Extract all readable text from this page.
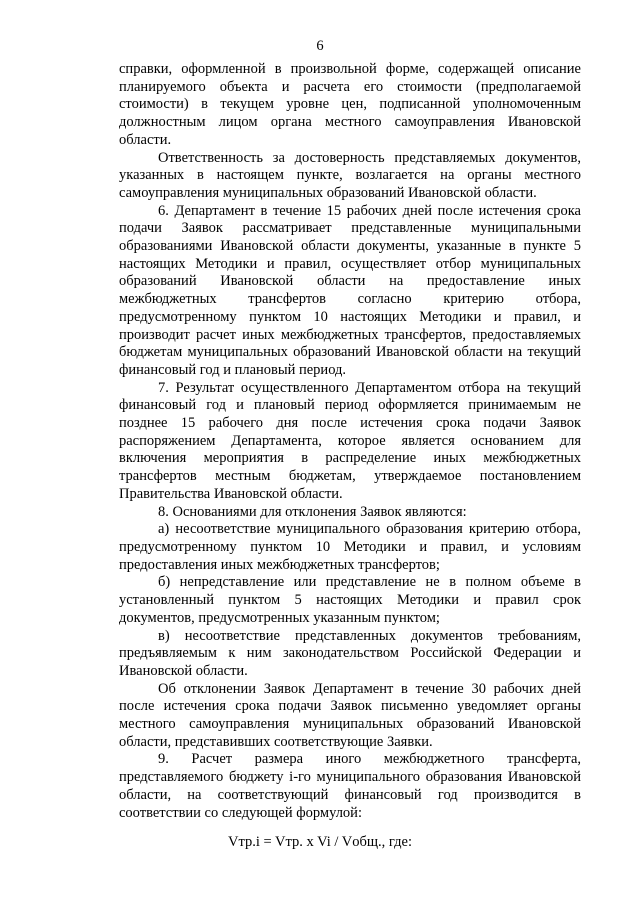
6

справки, оформленной в произвольной форме, содержащей описание планируемого объекта и расчета его стоимости (предполагаемой стоимости) в текущем уровне цен, подписанной уполномоченным должностным лицом органа местного самоуправления Ивановской области.

Ответственность за достоверность представляемых документов, указанных в настоящем пункте, возлагается на органы местного самоуправления муниципальных образований Ивановской области.

6. Департамент в течение 15 рабочих дней после истечения срока подачи Заявок рассматривает представленные муниципальными образованиями Ивановской области документы, указанные в пункте 5 настоящих Методики и правил, осуществляет отбор муниципальных образований Ивановской области на предоставление иных межбюджетных трансфертов согласно критерию отбора, предусмотренному пунктом 10 настоящих Методики и правил, и производит расчет иных межбюджетных трансфертов, предоставляемых бюджетам муниципальных образований Ивановской области на текущий финансовый год и плановый период.

7. Результат осуществленного Департаментом отбора на текущий финансовый год и плановый период оформляется принимаемым не позднее 15 рабочего дня после истечения срока подачи Заявок распоряжением Департамента, которое является основанием для включения мероприятия в распределение иных межбюджетных трансфертов местным бюджетам, утверждаемое постановлением Правительства Ивановской области.

8. Основаниями для отклонения Заявок являются:

а) несоответствие муниципального образования критерию отбора, предусмотренному пунктом 10 Методики и правил, и условиям предоставления иных межбюджетных трансфертов;

б) непредставление или представление не в полном объеме в установленный пунктом 5 настоящих Методики и правил срок документов, предусмотренных указанным пунктом;

в) несоответствие представленных документов требованиям, предъявляемым к ним законодательством Российской Федерации и Ивановской области.

Об отклонении Заявок Департамент в течение 30 рабочих дней после истечения срока подачи Заявок письменно уведомляет органы местного самоуправления муниципальных образований Ивановской области, представивших соответствующие Заявки.

9. Расчет размера иного межбюджетного трансферта, представляемого бюджету i-го муниципального образования Ивановской области, на соответствующий финансовый год производится в соответствии со следующей формулой:

Vтр.i = Vтр. x Vi / Vобщ., где:
